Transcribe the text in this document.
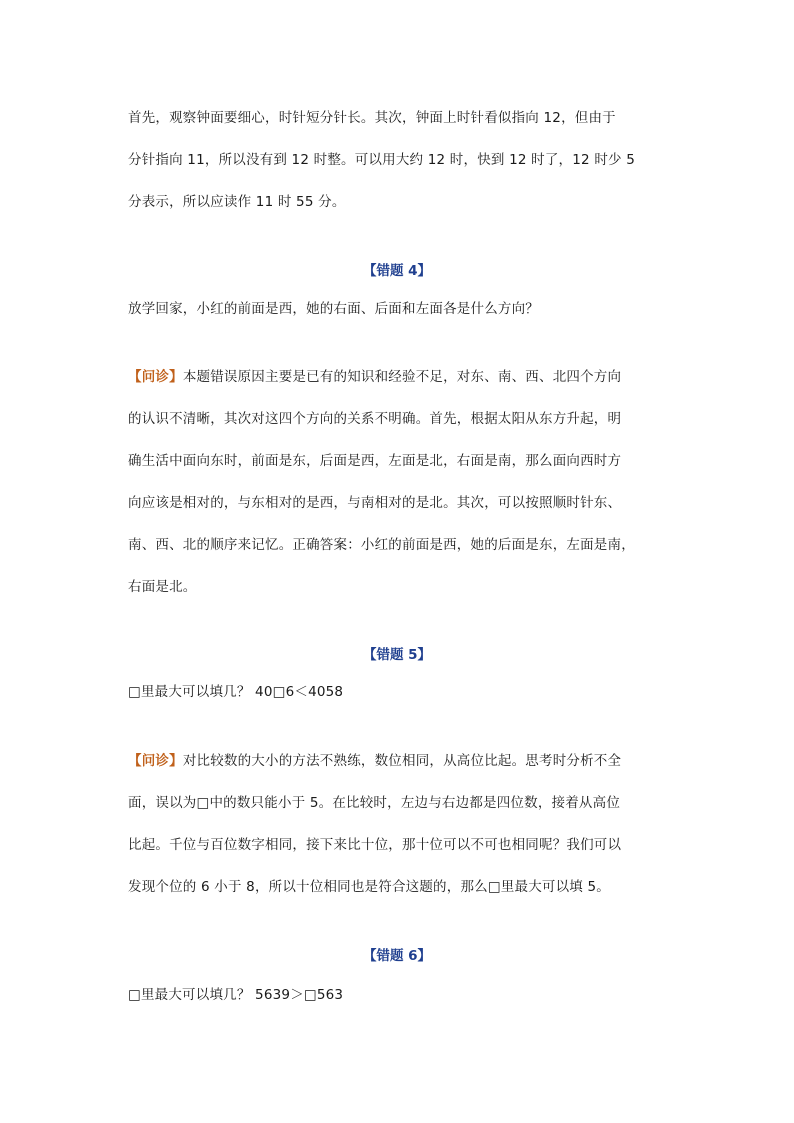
首先，观察钟面要细心，时针短分针长。其次，钟面上时针看似指向 12，但由于
分针指向 11，所以没有到 12 时整。可以用大约 12 时，快到 12 时了，12 时少 5
分表示，所以应读作 11 时 55 分。
【错题 4】
放学回家，小红的前面是西，她的右面、后面和左面各是什么方向？
【问诊】本题错误原因主要是已有的知识和经验不足，对东、南、西、北四个方向
的认识不清晰，其次对这四个方向的关系不明确。首先，根据太阳从东方升起，明
确生活中面向东时，前面是东，后面是西，左面是北，右面是南，那么面向西时方
向应该是相对的，与东相对的是西，与南相对的是北。其次，可以按照顺时针东、
南、西、北的顺序来记忆。正确答案：小红的前面是西，她的后面是东，左面是南，
右面是北。
【错题 5】
□里最大可以填几？ 40□6＜4058
【问诊】对比较数的大小的方法不熟练，数位相同，从高位比起。思考时分析不全
面，误以为□中的数只能小于 5。在比较时，左边与右边都是四位数，接着从高位
比起。千位与百位数字相同，接下来比十位，那十位可以不可也相同呢？我们可以
发现个位的 6 小于 8，所以十位相同也是符合这题的，那么□里最大可以填 5。
【错题 6】
□里最大可以填几？ 5639＞□563
